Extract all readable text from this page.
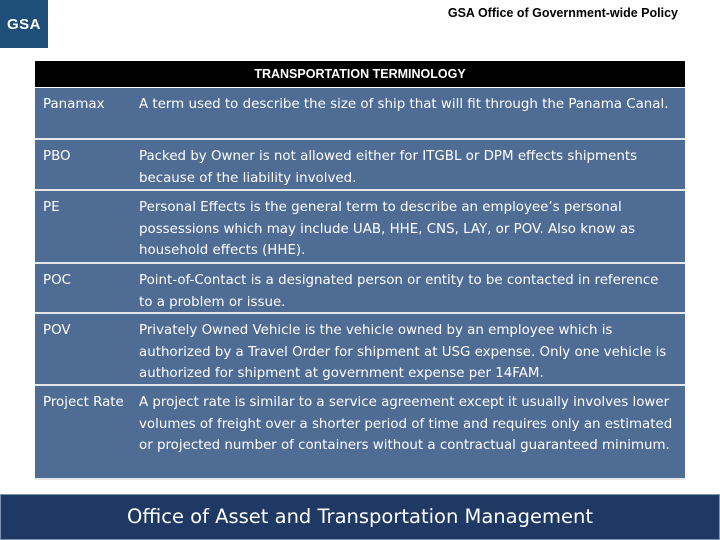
GSA
GSA Office of Government-wide Policy
TRANSPORTATION TERMINOLOGY
Panamax	A term used to describe the size of ship that will fit through the Panama Canal.
PBO	Packed by Owner is not allowed either for ITGBL or DPM effects shipments because of the liability involved.
PE	Personal Effects is the general term to describe an employee’s personal possessions which may include UAB, HHE, CNS, LAY, or POV. Also know as household effects (HHE).
POC	Point-of-Contact is a designated person or entity to be contacted in reference to a problem or issue.
POV	Privately Owned Vehicle is the vehicle owned by an employee which is authorized by a Travel Order for shipment at USG expense. Only one vehicle is authorized for shipment at government expense per 14FAM.
Project Rate	A project rate is similar to a service agreement except it usually involves lower volumes of freight over a shorter period of time and requires only an estimated or projected number of containers without a contractual guaranteed minimum.
Office of Asset and Transportation Management
